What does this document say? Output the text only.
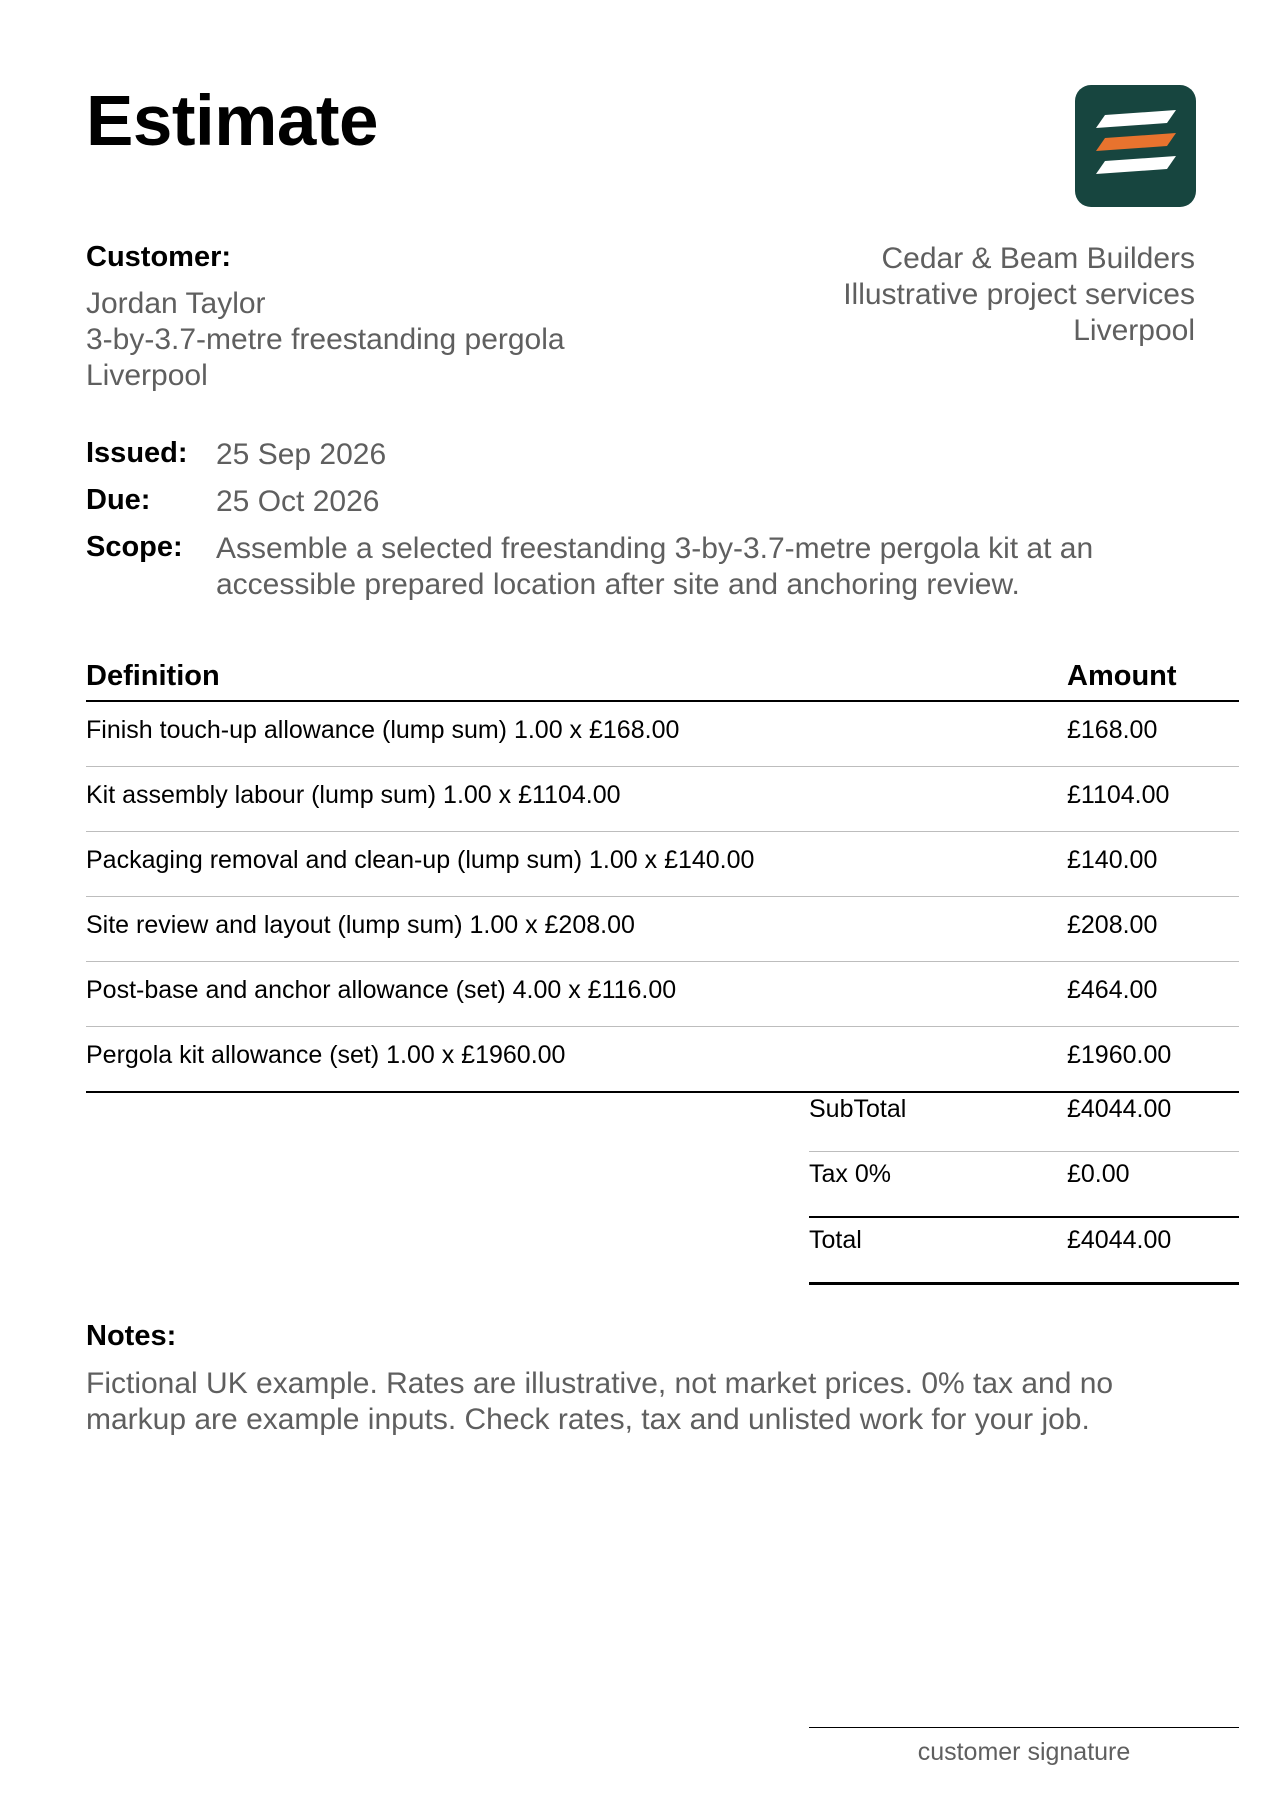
Estimate
Customer:
Jordan Taylor
3-by-3.7-metre freestanding pergola
Liverpool
Cedar & Beam Builders
Illustrative project services
Liverpool
Issued: 25 Sep 2026
Due: 25 Oct 2026
Scope: Assemble a selected freestanding 3-by-3.7-metre pergola kit at an accessible prepared location after site and anchoring review.
Definition	Amount
Finish touch-up allowance (lump sum) 1.00 x £168.00	£168.00
Kit assembly labour (lump sum) 1.00 x £1104.00	£1104.00
Packaging removal and clean-up (lump sum) 1.00 x £140.00	£140.00
Site review and layout (lump sum) 1.00 x £208.00	£208.00
Post-base and anchor allowance (set) 4.00 x £116.00	£464.00
Pergola kit allowance (set) 1.00 x £1960.00	£1960.00
SubTotal	£4044.00
Tax 0%	£0.00
Total	£4044.00
Notes:
Fictional UK example. Rates are illustrative, not market prices. 0% tax and no markup are example inputs. Check rates, tax and unlisted work for your job.
customer signature
